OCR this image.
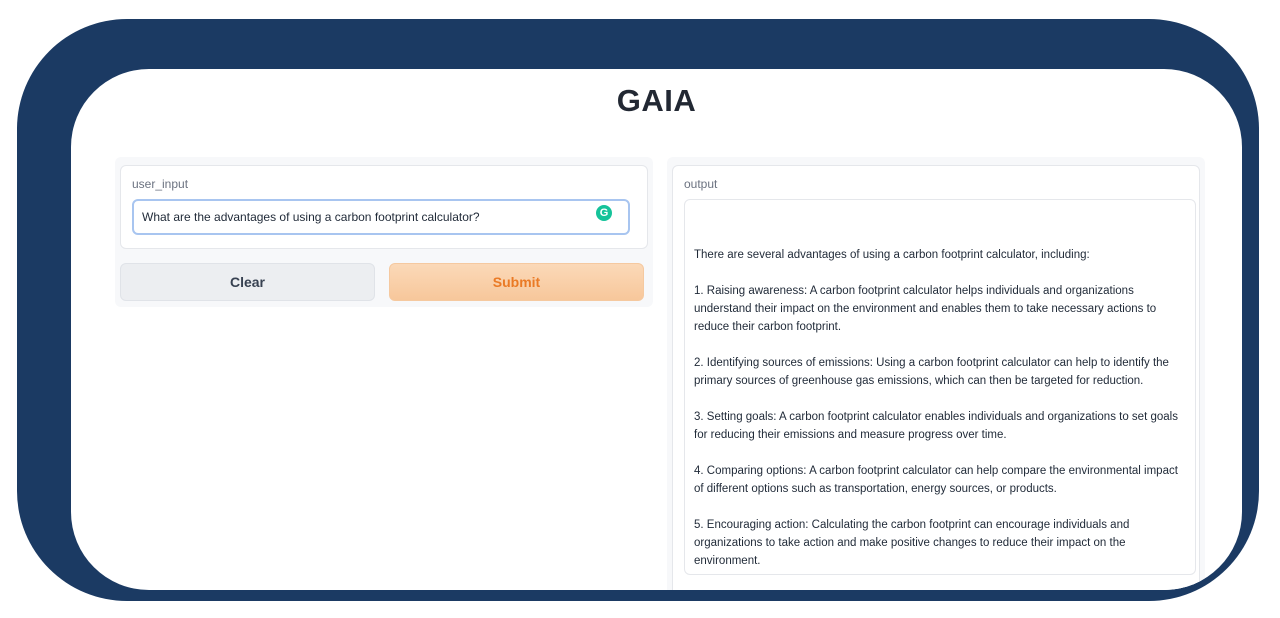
GAIA
user_input
What are the advantages of using a carbon footprint calculator?	G
Clear	Submit
output

There are several advantages of using a carbon footprint calculator, including:

1. Raising awareness: A carbon footprint calculator helps individuals and organizations understand their impact on the environment and enables them to take necessary actions to reduce their carbon footprint.

2. Identifying sources of emissions: Using a carbon footprint calculator can help to identify the primary sources of greenhouse gas emissions, which can then be targeted for reduction.

3. Setting goals: A carbon footprint calculator enables individuals and organizations to set goals for reducing their emissions and measure progress over time.

4. Comparing options: A carbon footprint calculator can help compare the environmental impact of different options such as transportation, energy sources, or products.

5. Encouraging action: Calculating the carbon footprint can encourage individuals and organizations to take action and make positive changes to reduce their impact on the environment.
